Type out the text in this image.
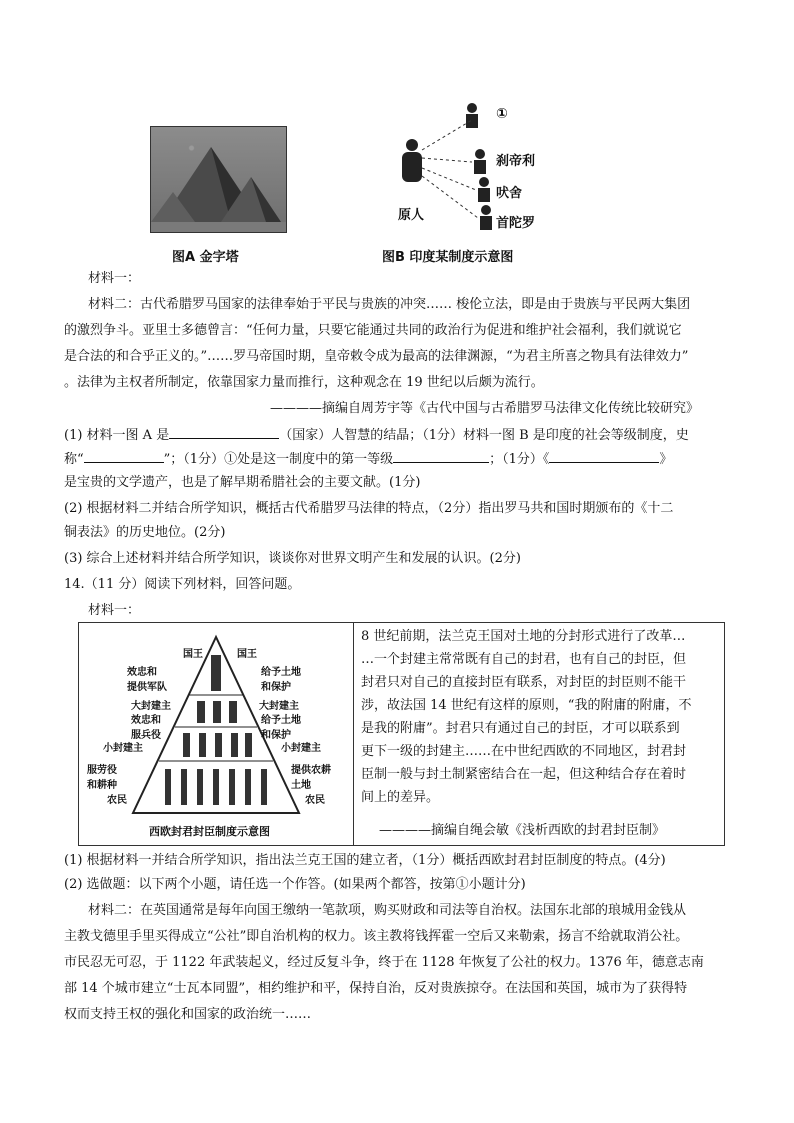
图A 金字塔
①
刹帝利
吠舍
首陀罗
原人
图B 印度某制度示意图
材料一：
材料二：古代希腊罗马国家的法律奉始于平民与贵族的冲突…… 梭伦立法，即是由于贵族与平民两大集团
的激烈争斗。亚里士多德曾言：“任何力量，只要它能通过共同的政治行为促进和维护社会福利，我们就说它
是合法的和合乎正义的。”……罗马帝国时期，皇帝敕令成为最高的法律渊源，“为君主所喜之物具有法律效力”
。法律为主权者所制定，依靠国家力量而推行，这种观念在 19 世纪以后颇为流行。
————摘编自周芳宇等《古代中国与古希腊罗马法律文化传统比较研究》
(1) 材料一图 A 是	（国家）人智慧的结晶；（1分）材料一图 B 是印度的社会等级制度，史
称“	”；（1分）①处是这一制度中的第一等级	；（1分）《	》
是宝贵的文学遗产，也是了解早期希腊社会的主要文献。(1分)
(2) 根据材料二并结合所学知识，概括古代希腊罗马法律的特点，（2分）指出罗马共和国时期颁布的《十二
铜表法》的历史地位。(2分)
(3) 综合上述材料并结合所学知识，谈谈你对世界文明产生和发展的认识。(2分)
14.（11 分）阅读下列材料，回答问题。
材料一：
国王	国王
效忠和
提供军队
给予土地
和保护
大封建主	大封建主
效忠和
服兵役
给予土地
和保护
小封建主	小封建主
服劳役
和耕种
提供农耕
土地
农民	农民
西欧封君封臣制度示意图
8 世纪前期，法兰克王国对土地的分封形式进行了改革…
…一个封建主常常既有自己的封君，也有自己的封臣，但
封君只对自己的直接封臣有联系，对封臣的封臣则不能干
涉，故法国 14 世纪有这样的原则，“我的附庸的附庸，不
是我的附庸”。封君只有通过自己的封臣，才可以联系到
更下一级的封建主……在中世纪西欧的不同地区，封君封
臣制一般与封土制紧密结合在一起，但这种结合存在着时
间上的差异。
————摘编自绳会敏《浅析西欧的封君封臣制》
(1) 根据材料一并结合所学知识，指出法兰克王国的建立者，（1分）概括西欧封君封臣制度的特点。(4分)
(2) 选做题：以下两个小题，请任选一个作答。(如果两个都答，按第①小题计分)
材料二：在英国通常是每年向国王缴纳一笔款项，购买财政和司法等自治权。法国东北部的琅城用金钱从
主教戈德里手里买得成立“公社”即自治机构的权力。该主教将钱挥霍一空后又来勒索，扬言不给就取消公社。
市民忍无可忍，于 1122 年武装起义，经过反复斗争，终于在 1128 年恢复了公社的权力。1376 年，德意志南
部 14 个城市建立“士瓦本同盟”，相约维护和平，保持自治，反对贵族掠夺。在法国和英国，城市为了获得特
权而支持王权的强化和国家的政治统一……
